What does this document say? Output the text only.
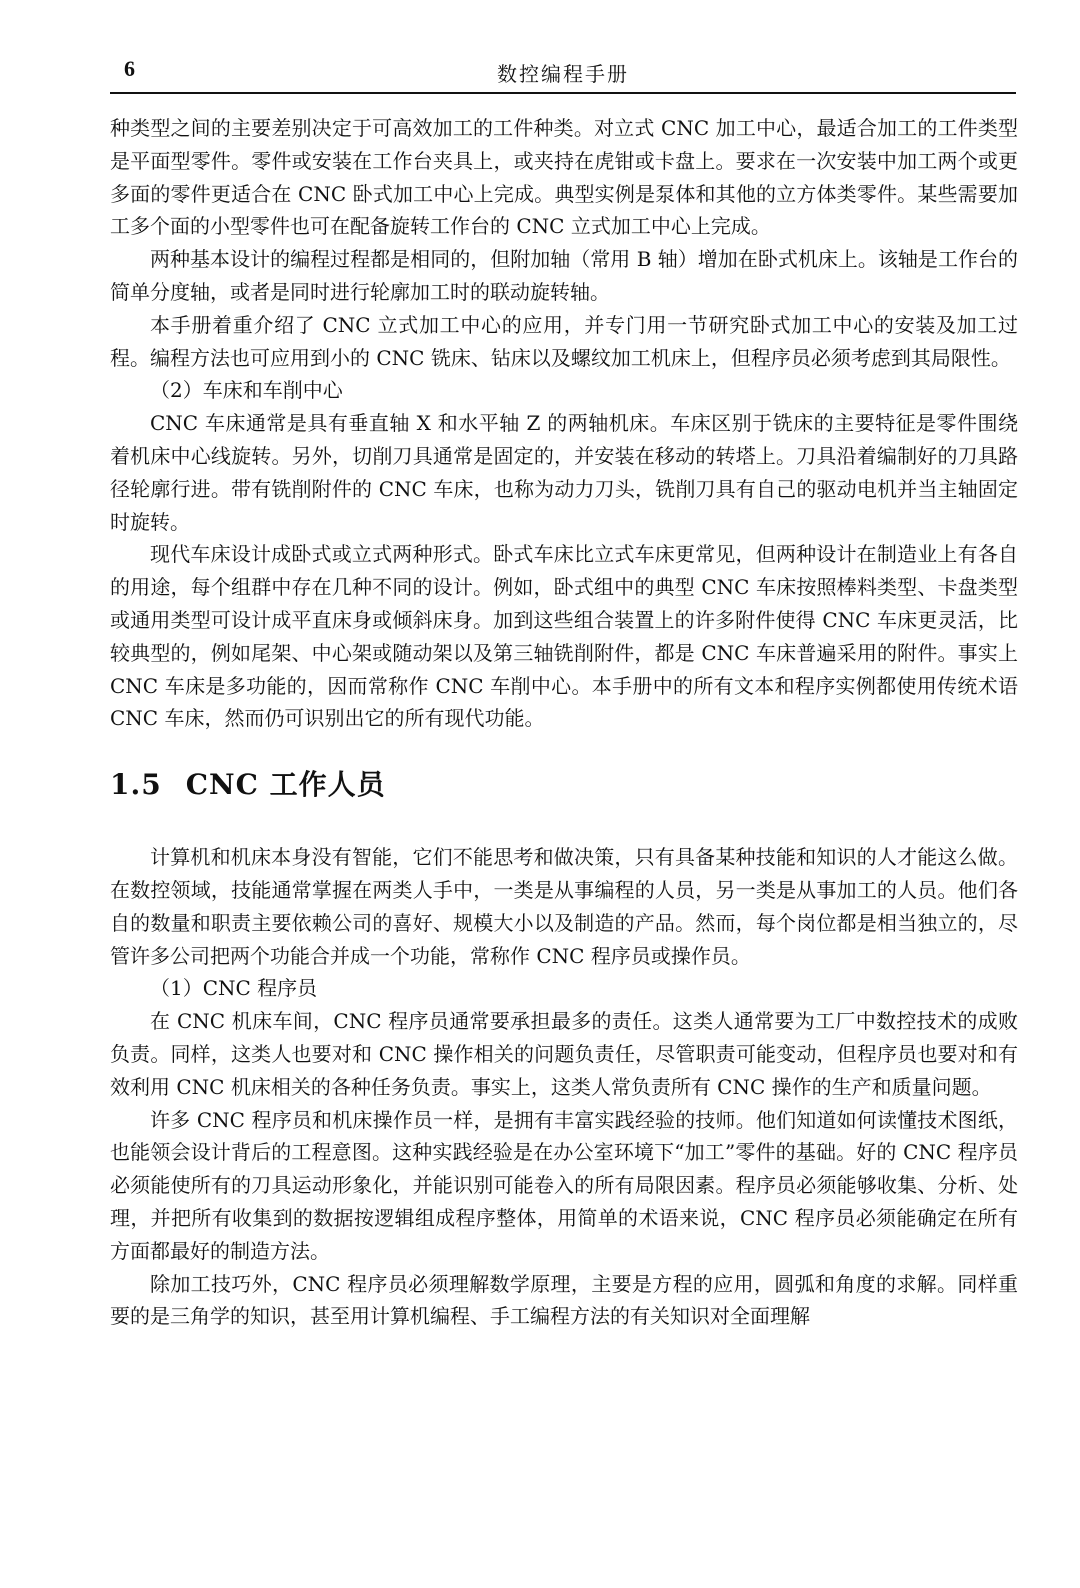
6	数控编程手册

种类型之间的主要差别决定于可高效加工的工件种类。对立式 CNC 加工中心，最适合加工的工件类型是平面型零件。零件或安装在工作台夹具上，或夹持在虎钳或卡盘上。要求在一次安装中加工两个或更多面的零件更适合在 CNC 卧式加工中心上完成。典型实例是泵体和其他的立方体类零件。某些需要加工多个面的小型零件也可在配备旋转工作台的 CNC 立式加工中心上完成。

两种基本设计的编程过程都是相同的，但附加轴（常用 B 轴）增加在卧式机床上。该轴是工作台的简单分度轴，或者是同时进行轮廓加工时的联动旋转轴。

本手册着重介绍了 CNC 立式加工中心的应用，并专门用一节研究卧式加工中心的安装及加工过程。编程方法也可应用到小的 CNC 铣床、钻床以及螺纹加工机床上，但程序员必须考虑到其局限性。

（2）车床和车削中心

CNC 车床通常是具有垂直轴 X 和水平轴 Z 的两轴机床。车床区别于铣床的主要特征是零件围绕着机床中心线旋转。另外，切削刀具通常是固定的，并安装在移动的转塔上。刀具沿着编制好的刀具路径轮廓行进。带有铣削附件的 CNC 车床，也称为动力刀头，铣削刀具有自己的驱动电机并当主轴固定时旋转。

现代车床设计成卧式或立式两种形式。卧式车床比立式车床更常见，但两种设计在制造业上有各自的用途，每个组群中存在几种不同的设计。例如，卧式组中的典型 CNC 车床按照棒料类型、卡盘类型或通用类型可设计成平直床身或倾斜床身。加到这些组合装置上的许多附件使得 CNC 车床更灵活，比较典型的，例如尾架、中心架或随动架以及第三轴铣削附件，都是 CNC 车床普遍采用的附件。事实上 CNC 车床是多功能的，因而常称作 CNC 车削中心。本手册中的所有文本和程序实例都使用传统术语 CNC 车床，然而仍可识别出它的所有现代功能。

1.5 CNC 工作人员

计算机和机床本身没有智能，它们不能思考和做决策，只有具备某种技能和知识的人才能这么做。在数控领域，技能通常掌握在两类人手中，一类是从事编程的人员，另一类是从事加工的人员。他们各自的数量和职责主要依赖公司的喜好、规模大小以及制造的产品。然而，每个岗位都是相当独立的，尽管许多公司把两个功能合并成一个功能，常称作 CNC 程序员或操作员。

（1）CNC 程序员

在 CNC 机床车间，CNC 程序员通常要承担最多的责任。这类人通常要为工厂中数控技术的成败负责。同样，这类人也要对和 CNC 操作相关的问题负责任，尽管职责可能变动，但程序员也要对和有效利用 CNC 机床相关的各种任务负责。事实上，这类人常负责所有 CNC 操作的生产和质量问题。

许多 CNC 程序员和机床操作员一样，是拥有丰富实践经验的技师。他们知道如何读懂技术图纸，也能领会设计背后的工程意图。这种实践经验是在办公室环境下“加工”零件的基础。好的 CNC 程序员必须能使所有的刀具运动形象化，并能识别可能卷入的所有局限因素。程序员必须能够收集、分析、处理，并把所有收集到的数据按逻辑组成程序整体，用简单的术语来说，CNC 程序员必须能确定在所有方面都最好的制造方法。

除加工技巧外，CNC 程序员必须理解数学原理，主要是方程的应用，圆弧和角度的求解。同样重要的是三角学的知识，甚至用计算机编程、手工编程方法的有关知识对全面理解
